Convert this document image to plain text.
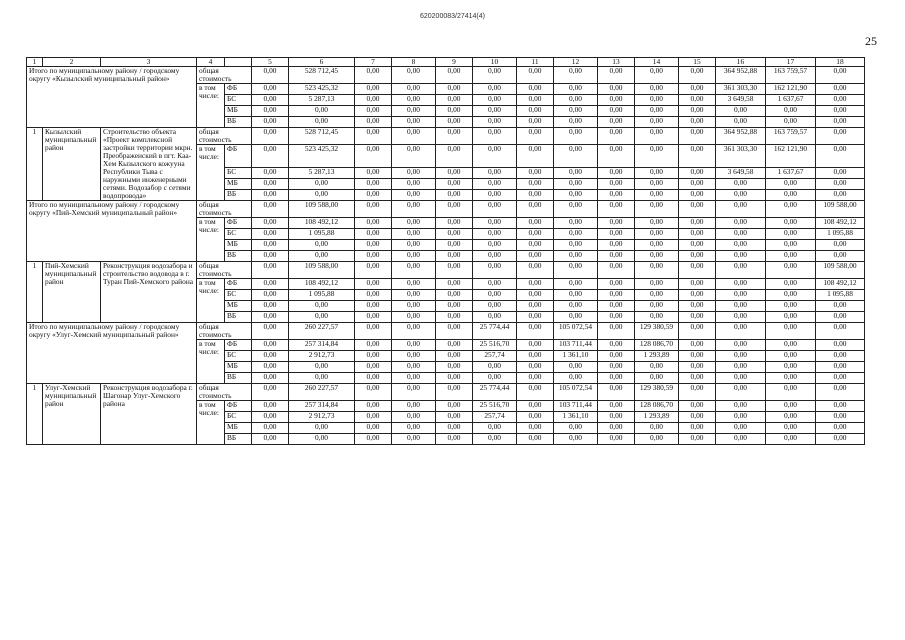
620200083/27414(4)
25
1	2	3	4		5	6	7	8	9	10	11	12	13	14	15	16	17	18
Итого по муниципальному району / городскому округу «Кызылский муниципальный район»			общая стоимость		0,00	528 712,45	0,00	0,00	0,00	0,00	0,00	0,00	0,00	0,00	0,00	364 952,88	163 759,57	0,00
			в том числе:	ФБ	0,00	523 425,32	0,00	0,00	0,00	0,00	0,00	0,00	0,00	0,00	0,00	361 303,30	162 121,90	0,00
				БС	0,00	5 287,13	0,00	0,00	0,00	0,00	0,00	0,00	0,00	0,00	0,00	3 649,58	1 637,67	0,00
				МБ	0,00	0,00	0,00	0,00	0,00	0,00	0,00	0,00	0,00	0,00	0,00	0,00	0,00	0,00
				ВБ	0,00	0,00	0,00	0,00	0,00	0,00	0,00	0,00	0,00	0,00	0,00	0,00	0,00	0,00
1	Кызылский муниципальный район	Строительство объекта «Проект комплексной застройки территории мкрн. Преображенский в пгт. Каа-Хем Кызылского кожууна Республики Тыва с наружными инженерными сетями. Водозабор с сетями водопровода»	общая стоимость		0,00	528 712,45	0,00	0,00	0,00	0,00	0,00	0,00	0,00	0,00	0,00	364 952,88	163 759,57	0,00
			в том числе:	ФБ	0,00	523 425,32	0,00	0,00	0,00	0,00	0,00	0,00	0,00	0,00	0,00	361 303,30	162 121,90	0,00
				БС	0,00	5 287,13	0,00	0,00	0,00	0,00	0,00	0,00	0,00	0,00	0,00	3 649,58	1 637,67	0,00
				МБ	0,00	0,00	0,00	0,00	0,00	0,00	0,00	0,00	0,00	0,00	0,00	0,00	0,00	0,00
				ВБ	0,00	0,00	0,00	0,00	0,00	0,00	0,00	0,00	0,00	0,00	0,00	0,00	0,00	0,00
Итого по муниципальному району / городскому округу «Пий-Хемский муниципальный район»			общая стоимость		0,00	109 588,00	0,00	0,00	0,00	0,00	0,00	0,00	0,00	0,00	0,00	0,00	0,00	109 588,00
			в том числе:	ФБ	0,00	108 492,12	0,00	0,00	0,00	0,00	0,00	0,00	0,00	0,00	0,00	0,00	0,00	108 492,12
				БС	0,00	1 095,88	0,00	0,00	0,00	0,00	0,00	0,00	0,00	0,00	0,00	0,00	0,00	1 095,88
				МБ	0,00	0,00	0,00	0,00	0,00	0,00	0,00	0,00	0,00	0,00	0,00	0,00	0,00	0,00
				ВБ	0,00	0,00	0,00	0,00	0,00	0,00	0,00	0,00	0,00	0,00	0,00	0,00	0,00	0,00
1	Пий-Хемский муниципальный район	Реконструкция водозабора и строительство водовода в г. Туран Пий-Хемского района	общая стоимость		0,00	109 588,00	0,00	0,00	0,00	0,00	0,00	0,00	0,00	0,00	0,00	0,00	0,00	109 588,00
			в том числе:	ФБ	0,00	108 492,12	0,00	0,00	0,00	0,00	0,00	0,00	0,00	0,00	0,00	0,00	0,00	108 492,12
				БС	0,00	1 095,88	0,00	0,00	0,00	0,00	0,00	0,00	0,00	0,00	0,00	0,00	0,00	1 095,88
				МБ	0,00	0,00	0,00	0,00	0,00	0,00	0,00	0,00	0,00	0,00	0,00	0,00	0,00	0,00
				ВБ	0,00	0,00	0,00	0,00	0,00	0,00	0,00	0,00	0,00	0,00	0,00	0,00	0,00	0,00
Итого по муниципальному району / городскому округу «Улуг-Хемский муниципальный район»			общая стоимость		0,00	260 227,57	0,00	0,00	0,00	25 774,44	0,00	105 072,54	0,00	129 380,59	0,00	0,00	0,00	0,00
			в том числе:	ФБ	0,00	257 314,84	0,00	0,00	0,00	25 516,70	0,00	103 711,44	0,00	128 086,70	0,00	0,00	0,00	0,00
				БС	0,00	2 912,73	0,00	0,00	0,00	257,74	0,00	1 361,10	0,00	1 293,89	0,00	0,00	0,00	0,00
				МБ	0,00	0,00	0,00	0,00	0,00	0,00	0,00	0,00	0,00	0,00	0,00	0,00	0,00	0,00
				ВБ	0,00	0,00	0,00	0,00	0,00	0,00	0,00	0,00	0,00	0,00	0,00	0,00	0,00	0,00
1	Улуг-Хемский муниципальный район	Реконструкция водозабора г. Шагонар Улуг-Хемского района	общая стоимость		0,00	260 227,57	0,00	0,00	0,00	25 774,44	0,00	105 072,54	0,00	129 380,59	0,00	0,00	0,00	0,00
			в том числе:	ФБ	0,00	257 314,84	0,00	0,00	0,00	25 516,70	0,00	103 711,44	0,00	128 086,70	0,00	0,00	0,00	0,00
				БС	0,00	2 912,73	0,00	0,00	0,00	257,74	0,00	1 361,10	0,00	1 293,89	0,00	0,00	0,00	0,00
				МБ	0,00	0,00	0,00	0,00	0,00	0,00	0,00	0,00	0,00	0,00	0,00	0,00	0,00	0,00
				ВБ	0,00	0,00	0,00	0,00	0,00	0,00	0,00	0,00	0,00	0,00	0,00	0,00	0,00	0,00
